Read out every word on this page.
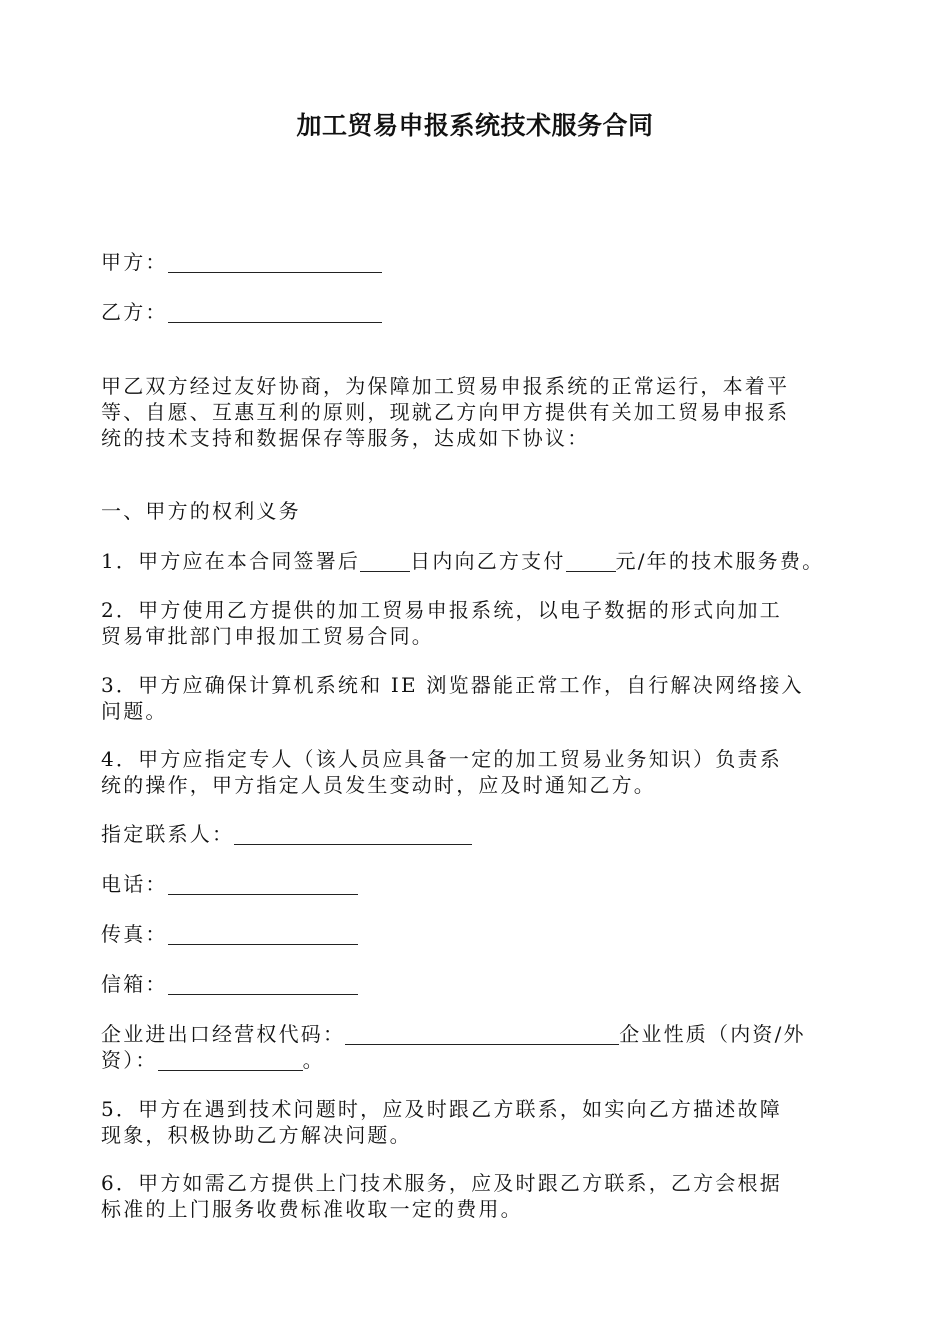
加工贸易申报系统技术服务合同
甲方：
乙方：
甲乙双方经过友好协商，为保障加工贸易申报系统的正常运行，本着平
等、自愿、互惠互利的原则，现就乙方向甲方提供有关加工贸易申报系
统的技术支持和数据保存等服务，达成如下协议：
一、甲方的权利义务
1．甲方应在本合同签署后	日内向乙方支付	元/年的技术服务费。
2．甲方使用乙方提供的加工贸易申报系统，以电子数据的形式向加工
贸易审批部门申报加工贸易合同。
3．甲方应确保计算机系统和 IE 浏览器能正常工作，自行解决网络接入
问题。
4．甲方应指定专人（该人员应具备一定的加工贸易业务知识）负责系
统的操作，甲方指定人员发生变动时，应及时通知乙方。
指定联系人：
电话：
传真：
信箱：
企业进出口经营权代码：	企业性质（内资/外
资）：	。
5．甲方在遇到技术问题时，应及时跟乙方联系，如实向乙方描述故障
现象，积极协助乙方解决问题。
6．甲方如需乙方提供上门技术服务，应及时跟乙方联系，乙方会根据
标准的上门服务收费标准收取一定的费用。
